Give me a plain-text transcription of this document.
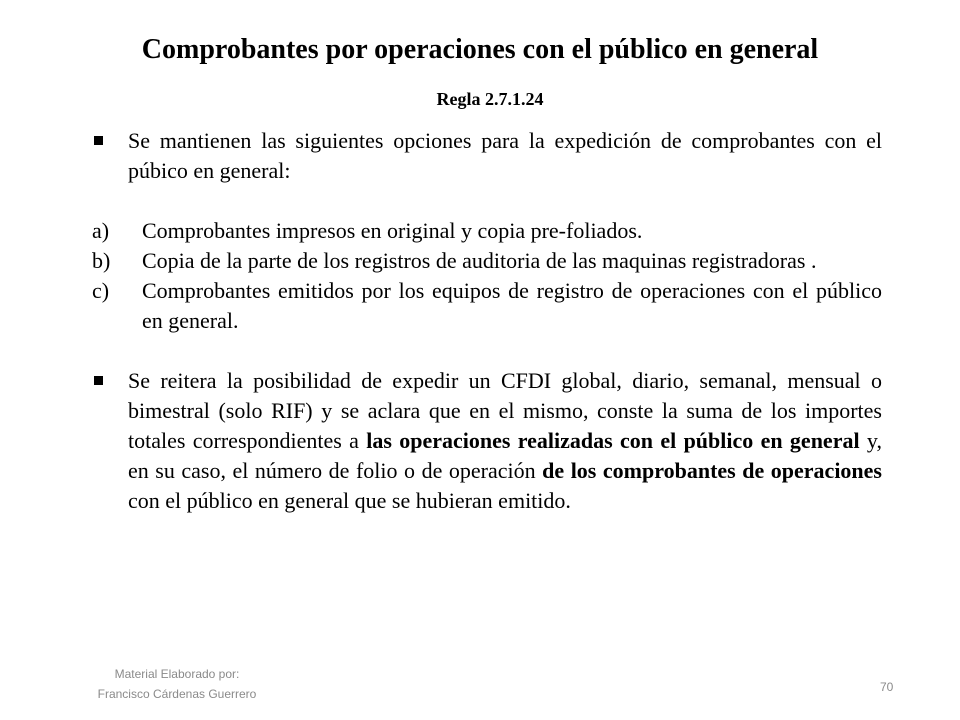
Comprobantes por operaciones con el público en general
Regla 2.7.1.24
Se mantienen las siguientes opciones para la expedición de comprobantes con el púbico en general:
a) Comprobantes impresos en original y copia pre-foliados.
b) Copia de la parte de los registros de auditoria de las maquinas registradoras .
c) Comprobantes emitidos por los equipos de registro de operaciones con el público en general.
Se reitera la posibilidad de expedir un CFDI global, diario, semanal, mensual o bimestral (solo RIF) y se aclara que en el mismo, conste la suma de los importes totales correspondientes a las operaciones realizadas con el público en general y, en su caso, el número de folio o de operación de los comprobantes de operaciones con el público en general que se hubieran emitido.
Material Elaborado por:
Francisco Cárdenas Guerrero	70
